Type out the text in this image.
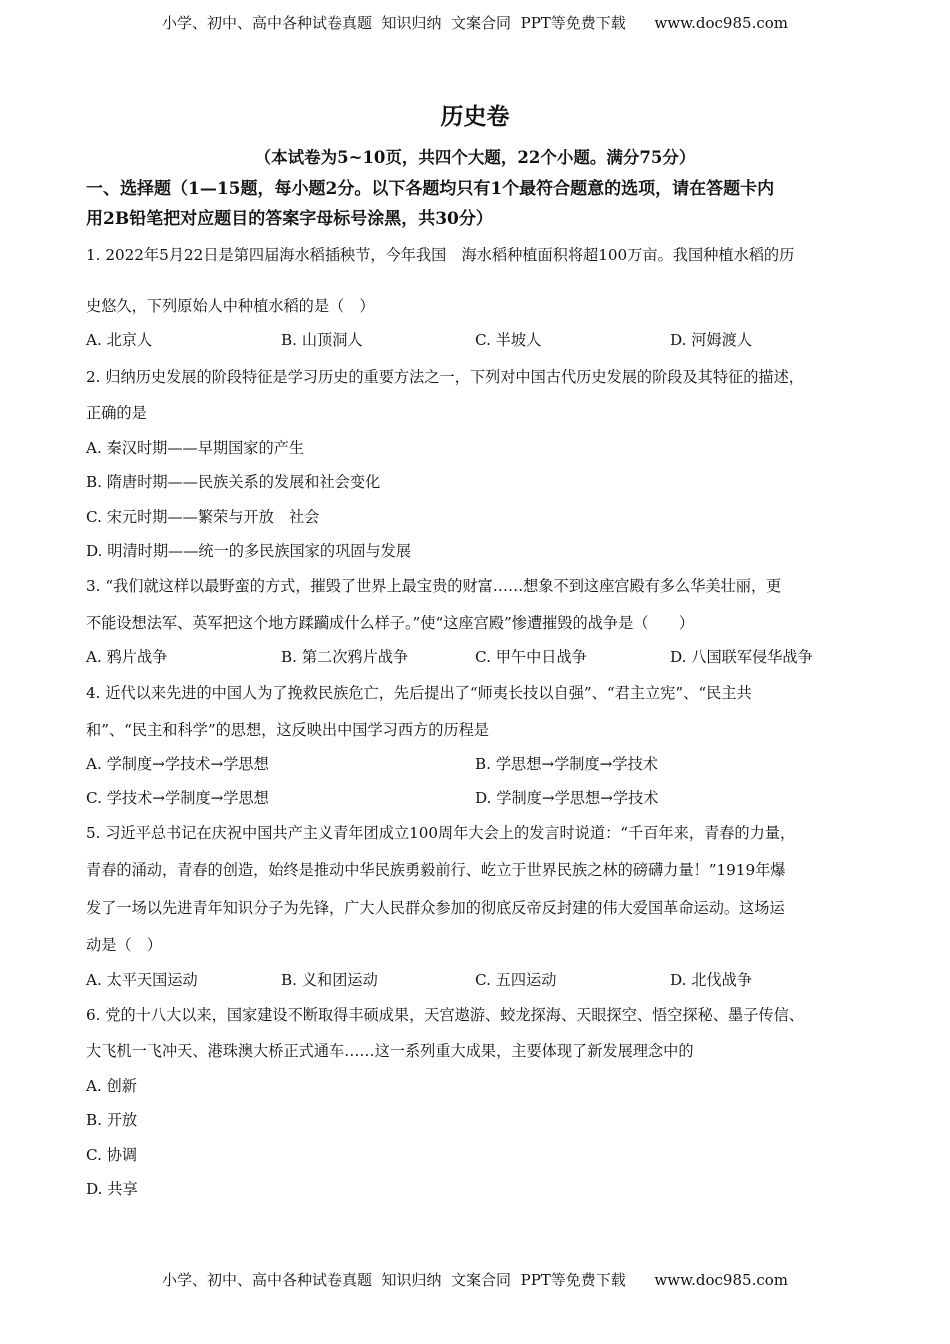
小学、初中、高中各种试卷真题  知识归纳  文案合同  PPT等免费下载      www.doc985.com
历史卷
（本试卷为5~10页，共四个大题，22个小题。满分75分）
一、选择题（1—15题，每小题2分。以下各题均只有1个最符合题意的选项，请在答题卡内
用2B铅笔把对应题目的答案字母标号涂黑，共30分）
1. 2022年5月22日是第四届海水稻插秧节，今年我国　海水稻种植面积将超100万亩。我国种植水稻的历
史悠久，下列原始人中种植水稻的是（　）
A. 北京人	B. 山顶洞人	C. 半坡人	D. 河姆渡人
2. 归纳历史发展的阶段特征是学习历史的重要方法之一，下列对中国古代历史发展的阶段及其特征的描述，
正确的是
A. 秦汉时期——早期国家的产生
B. 隋唐时期——民族关系的发展和社会变化
C. 宋元时期——繁荣与开放　社会
D. 明清时期——统一的多民族国家的巩固与发展
3. “我们就这样以最野蛮的方式，摧毁了世界上最宝贵的财富……想象不到这座宫殿有多么华美壮丽，更
不能设想法军、英军把这个地方蹂躏成什么样子。”使“这座宫殿”惨遭摧毁的战争是（　　）
A. 鸦片战争	B. 第二次鸦片战争	C. 甲午中日战争	D. 八国联军侵华战争
4. 近代以来先进的中国人为了挽救民族危亡，先后提出了“师夷长技以自强”、“君主立宪”、“民主共
和”、“民主和科学”的思想，这反映出中国学习西方的历程是
A. 学制度→学技术→学思想	B. 学思想→学制度→学技术
C. 学技术→学制度→学思想	D. 学制度→学思想→学技术
5. 习近平总书记在庆祝中国共产主义青年团成立100周年大会上的发言时说道：“千百年来，青春的力量，
青春的涌动，青春的创造，始终是推动中华民族勇毅前行、屹立于世界民族之林的磅礴力量！”1919年爆
发了一场以先进青年知识分子为先锋，广大人民群众参加的彻底反帝反封建的伟大爱国革命运动。这场运
动是（　）
A. 太平天国运动	B. 义和团运动	C. 五四运动	D. 北伐战争
6. 党的十八大以来，国家建设不断取得丰硕成果，天宫遨游、蛟龙探海、天眼探空、悟空探秘、墨子传信、
大飞机一飞冲天、港珠澳大桥正式通车……这一系列重大成果，主要体现了新发展理念中的
A. 创新
B. 开放
C. 协调
D. 共享
小学、初中、高中各种试卷真题  知识归纳  文案合同  PPT等免费下载      www.doc985.com
